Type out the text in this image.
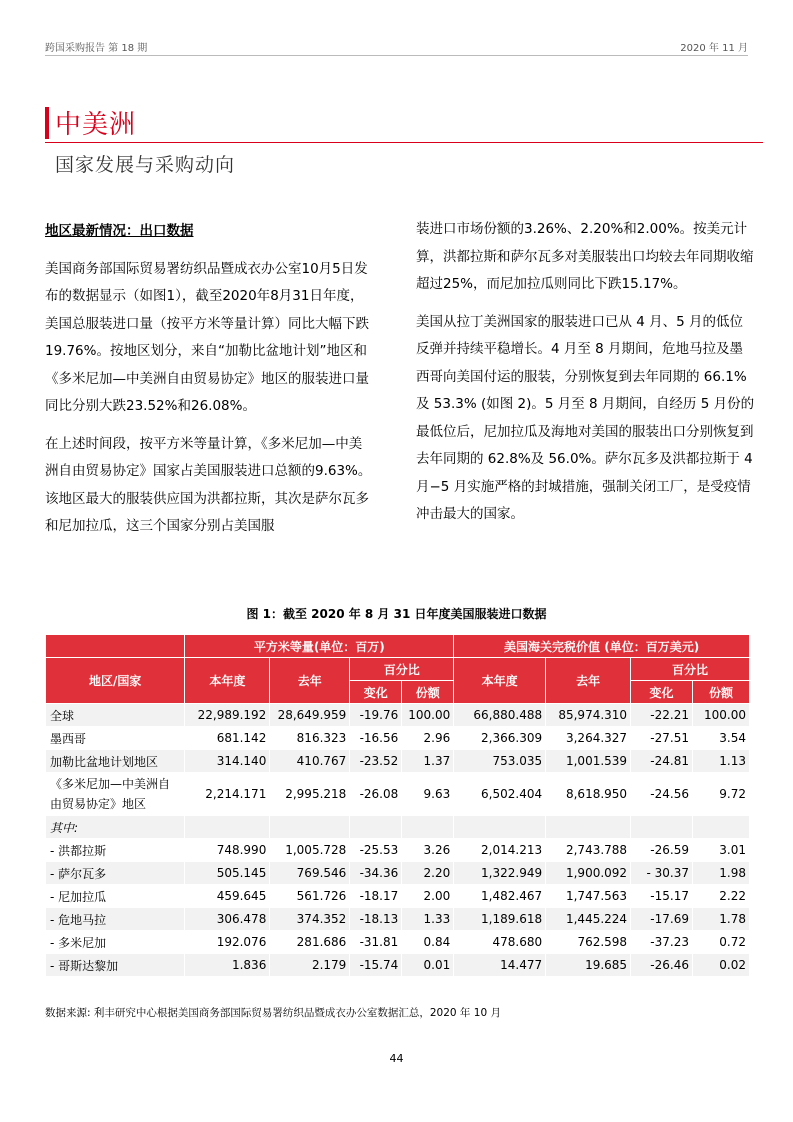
跨国采购报告 第 18 期	2020 年 11 月
中美洲
国家发展与采购动向
地区最新情况：出口数据

美国商务部国际贸易署纺织品暨成衣办公室10月5日发布的数据显示（如图1），截至2020年8月31日年度，美国总服装进口量（按平方米等量计算）同比大幅下跌19.76%。按地区划分，来自“加勒比盆地计划”地区和《多米尼加—中美洲自由贸易协定》地区的服装进口量同比分别大跌23.52%和26.08%。

在上述时间段，按平方米等量计算，《多米尼加—中美洲自由贸易协定》国家占美国服装进口总额的9.63%。该地区最大的服装供应国为洪都拉斯，其次是萨尔瓦多和尼加拉瓜，这三个国家分别占美国服

装进口市场份额的3.26%、2.20%和2.00%。按美元计算，洪都拉斯和萨尔瓦多对美服装出口均较去年同期收缩超过25%，而尼加拉瓜则同比下跌15.17%。

美国从拉丁美洲国家的服装进口已从 4 月、5 月的低位反弹并持续平稳增长。4 月至 8 月期间，危地马拉及墨西哥向美国付运的服装，分别恢复到去年同期的 66.1%及 53.3% (如图 2)。5 月至 8 月期间，自经历 5 月份的最低位后，尼加拉瓜及海地对美国的服装出口分别恢复到去年同期的 62.8%及 56.0%。萨尔瓦多及洪都拉斯于 4 月−5 月实施严格的封城措施，强制关闭工厂，是受疫情冲击最大的国家。

图 1：截至 2020 年 8 月 31 日年度美国服装进口数据
	平方米等量(单位：百万)				美国海关完税价值 (单位：百万美元)			
地区/国家	本年度	去年	百分比		本年度	去年	百分比	
			变化	份额			变化	份额
全球	22,989.192	28,649.959	-19.76	100.00	66,880.488	85,974.310	-22.21	100.00
墨西哥	681.142	816.323	-16.56	2.96	2,366.309	3,264.327	-27.51	3.54
加勒比盆地计划地区	314.140	410.767	-23.52	1.37	753.035	1,001.539	-24.81	1.13
《多米尼加—中美洲自由贸易协定》地区	2,214.171	2,995.218	-26.08	9.63	6,502.404	8,618.950	-24.56	9.72
其中:								
- 洪都拉斯	748.990	1,005.728	-25.53	3.26	2,014.213	2,743.788	-26.59	3.01
- 萨尔瓦多	505.145	769.546	-34.36	2.20	1,322.949	1,900.092	- 30.37	1.98
- 尼加拉瓜	459.645	561.726	-18.17	2.00	1,482.467	1,747.563	-15.17	2.22
- 危地马拉	306.478	374.352	-18.13	1.33	1,189.618	1,445.224	-17.69	1.78
- 多米尼加	192.076	281.686	-31.81	0.84	478.680	762.598	-37.23	0.72
- 哥斯达黎加	1.836	2.179	-15.74	0.01	14.477	19.685	-26.46	0.02
数据来源: 利丰研究中心根据美国商务部国际贸易署纺织品暨成衣办公室数据汇总，2020 年 10 月
44
